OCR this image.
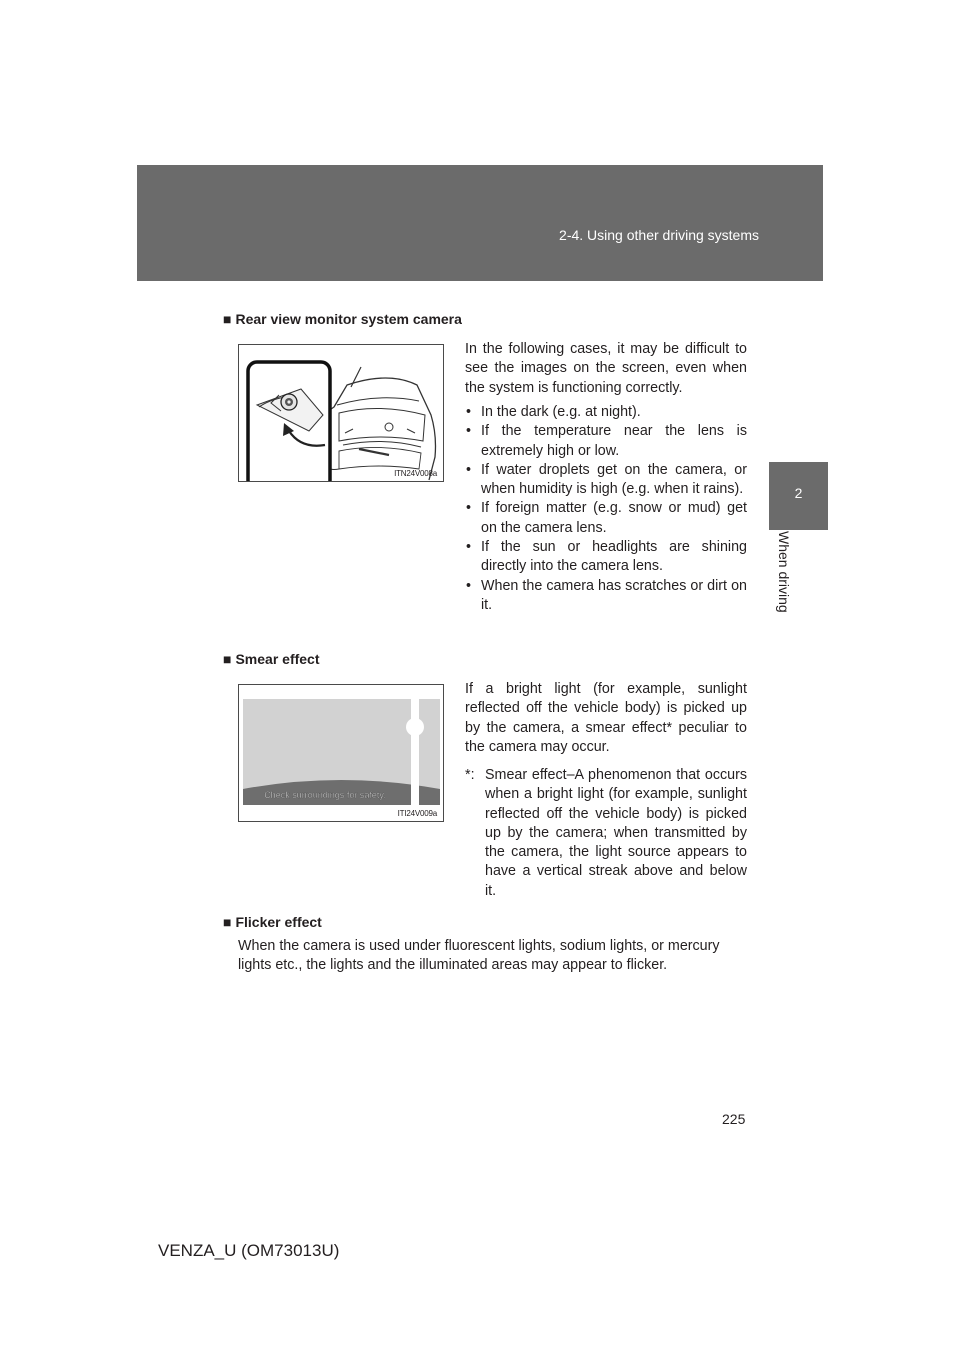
2-4. Using other driving systems
2
When driving
■ Rear view monitor system camera
ITN24V008a

In the following cases, it may be difficult to see the images on the screen, even when the system is functioning correctly.

• In the dark (e.g. at night).
• If the temperature near the lens is extremely high or low.
• If water droplets get on the camera, or when humidity is high (e.g. when it rains).
• If foreign matter (e.g. snow or mud) get on the camera lens.
• If the sun or headlights are shining directly into the camera lens.
• When the camera has scratches or dirt on it.
■ Smear effect
Check surroundings for safety.
ITI24V009a

If a bright light (for example, sunlight reflected off the vehicle body) is picked up by the camera, a smear effect* peculiar to the camera may occur.

*: Smear effect–A phenomenon that occurs when a bright light (for example, sunlight reflected off the vehicle body) is picked up by the camera; when transmitted by the camera, the light source appears to have a vertical streak above and below it.
■ Flicker effect

When the camera is used under fluorescent lights, sodium lights, or mercury lights etc., the lights and the illuminated areas may appear to flicker.

225
VENZA_U (OM73013U)
